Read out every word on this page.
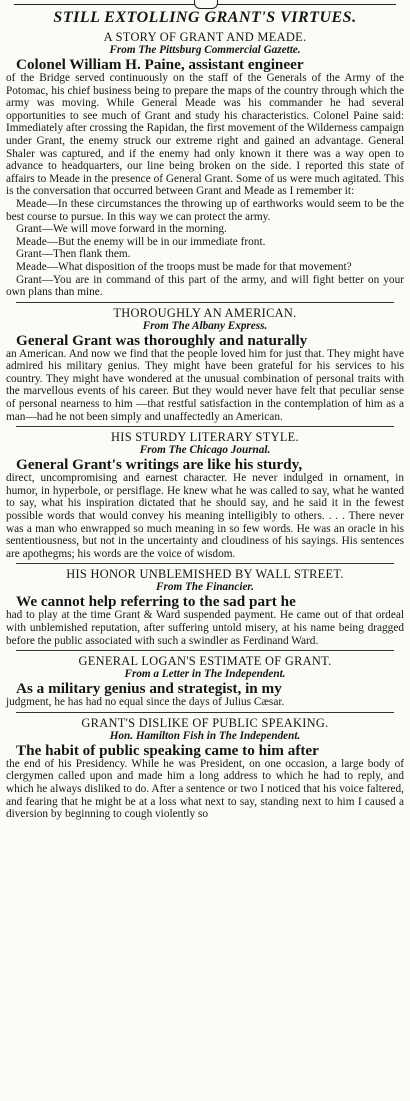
STILL EXTOLLING GRANT'S VIRTUES.
A STORY OF GRANT AND MEADE.
From The Pittsburg Commercial Gazette.

Colonel William H. Paine, assistant engineer

of the Bridge served continuously on the staff of the Generals of the Army of the Potomac, his chief business being to prepare the maps of the country through which the army was moving. While General Meade was his commander he had several opportunities to see much of Grant and study his characteristics. Colonel Paine said: Immediately after crossing the Rapidan, the first movement of the Wilderness campaign under Grant, the enemy struck our extreme right and gained an advantage. General Shaler was captured, and if the enemy had only known it there was a way open to advance to headquarters, our line being broken on the side. I reported this state of affairs to Meade in the presence of General Grant. Some of us were much agitated. This is the conversation that occurred between Grant and Meade as I remember it:
Meade—In these circumstances the throwing up of earthworks would seem to be the best course to pursue. In this way we can protect the army.
Grant—We will move forward in the morning.
Meade—But the enemy will be in our immediate front.
Grant—Then flank them.
Meade—What disposition of the troops must be made for that movement?
Grant—You are in command of this part of the army, and will fight better on your own plans than mine.
THOROUGHLY AN AMERICAN.
From The Albany Express.

General Grant was thoroughly and naturally

an American. And now we find that the people loved him for just that. They might have admired his military genius. They might have been grateful for his services to his country. They might have wondered at the unusual combination of personal traits with the marvellous events of his career. But they would never have felt that peculiar sense of personal nearness to him —that restful satisfaction in the contemplation of him as a man—had he not been simply and unaffectedly an American.
HIS STURDY LITERARY STYLE.
From The Chicago Journal.

General Grant's writings are like his sturdy,

direct, uncompromising and earnest character. He never indulged in ornament, in humor, in hyperbole, or persiflage. He knew what he was called to say, what he wanted to say, what his inspiration dictated that he should say, and he said it in the fewest possible words that would convey his meaning intelligibly to others. . . . There never was a man who enwrapped so much meaning in so few words. He was an oracle in his sententiousness, but not in the uncertainty and cloudiness of his sayings. His sentences are apothegms; his words are the voice of wisdom.
HIS HONOR UNBLEMISHED BY WALL STREET.
From The Financier.

We cannot help referring to the sad part he

had to play at the time Grant & Ward suspended payment. He came out of that ordeal with unblemished reputation, after suffering untold misery, at his name being dragged before the public associated with such a swindler as Ferdinand Ward.
GENERAL LOGAN'S ESTIMATE OF GRANT.
From a Letter in The Independent.

As a military genius and strategist, in my

judgment, he has had no equal since the days of Julius Cæsar.
GRANT'S DISLIKE OF PUBLIC SPEAKING.
Hon. Hamilton Fish in The Independent.

The habit of public speaking came to him after

the end of his Presidency. While he was President, on one occasion, a large body of clergymen called upon and made him a long address to which he had to reply, and which he always disliked to do. After a sentence or two I noticed that his voice faltered, and fearing that he might be at a loss what next to say, standing next to him I caused a diversion by beginning to cough violently so
